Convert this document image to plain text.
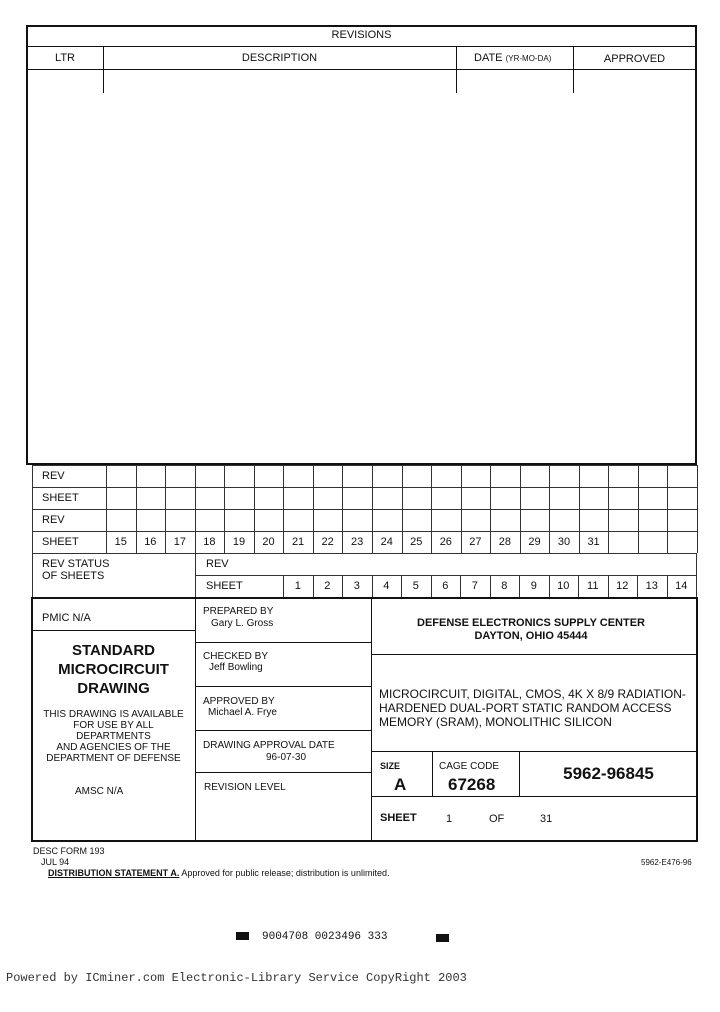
REVISIONS
LTR	DESCRIPTION	DATE (YR-MO-DA)	APPROVED
REV
SHEET
REV
SHEET	15	16	17	18	19	20	21	22	23	24	25	26	27	28	29	30	31
REV STATUS
OF SHEETS
REV
SHEET	1	2	3	4	5	6	7	8	9	10	11	12	13	14
PMIC N/A
STANDARD
MICROCIRCUIT
DRAWING
THIS DRAWING IS AVAILABLE
FOR USE BY ALL
DEPARTMENTS
AND AGENCIES OF THE
DEPARTMENT OF DEFENSE
AMSC N/A
PREPARED BY
Gary L. Gross
CHECKED BY
Jeff Bowling
APPROVED BY
Michael A. Frye
DRAWING APPROVAL DATE
96-07-30
REVISION LEVEL
DEFENSE ELECTRONICS SUPPLY CENTER
DAYTON, OHIO 45444
MICROCIRCUIT, DIGITAL, CMOS, 4K X 8/9 RADIATION-
HARDENED DUAL-PORT STATIC RANDOM ACCESS
MEMORY (SRAM), MONOLITHIC SILICON
SIZE
A
CAGE CODE
67268
5962-96845
SHEET	1	OF	31
DESC FORM 193
JUL 94
DISTRIBUTION STATEMENT A. Approved for public release; distribution is unlimited.
5962-E476-96
9004708 0023496 333
Powered by ICminer.com Electronic-Library Service CopyRight 2003
